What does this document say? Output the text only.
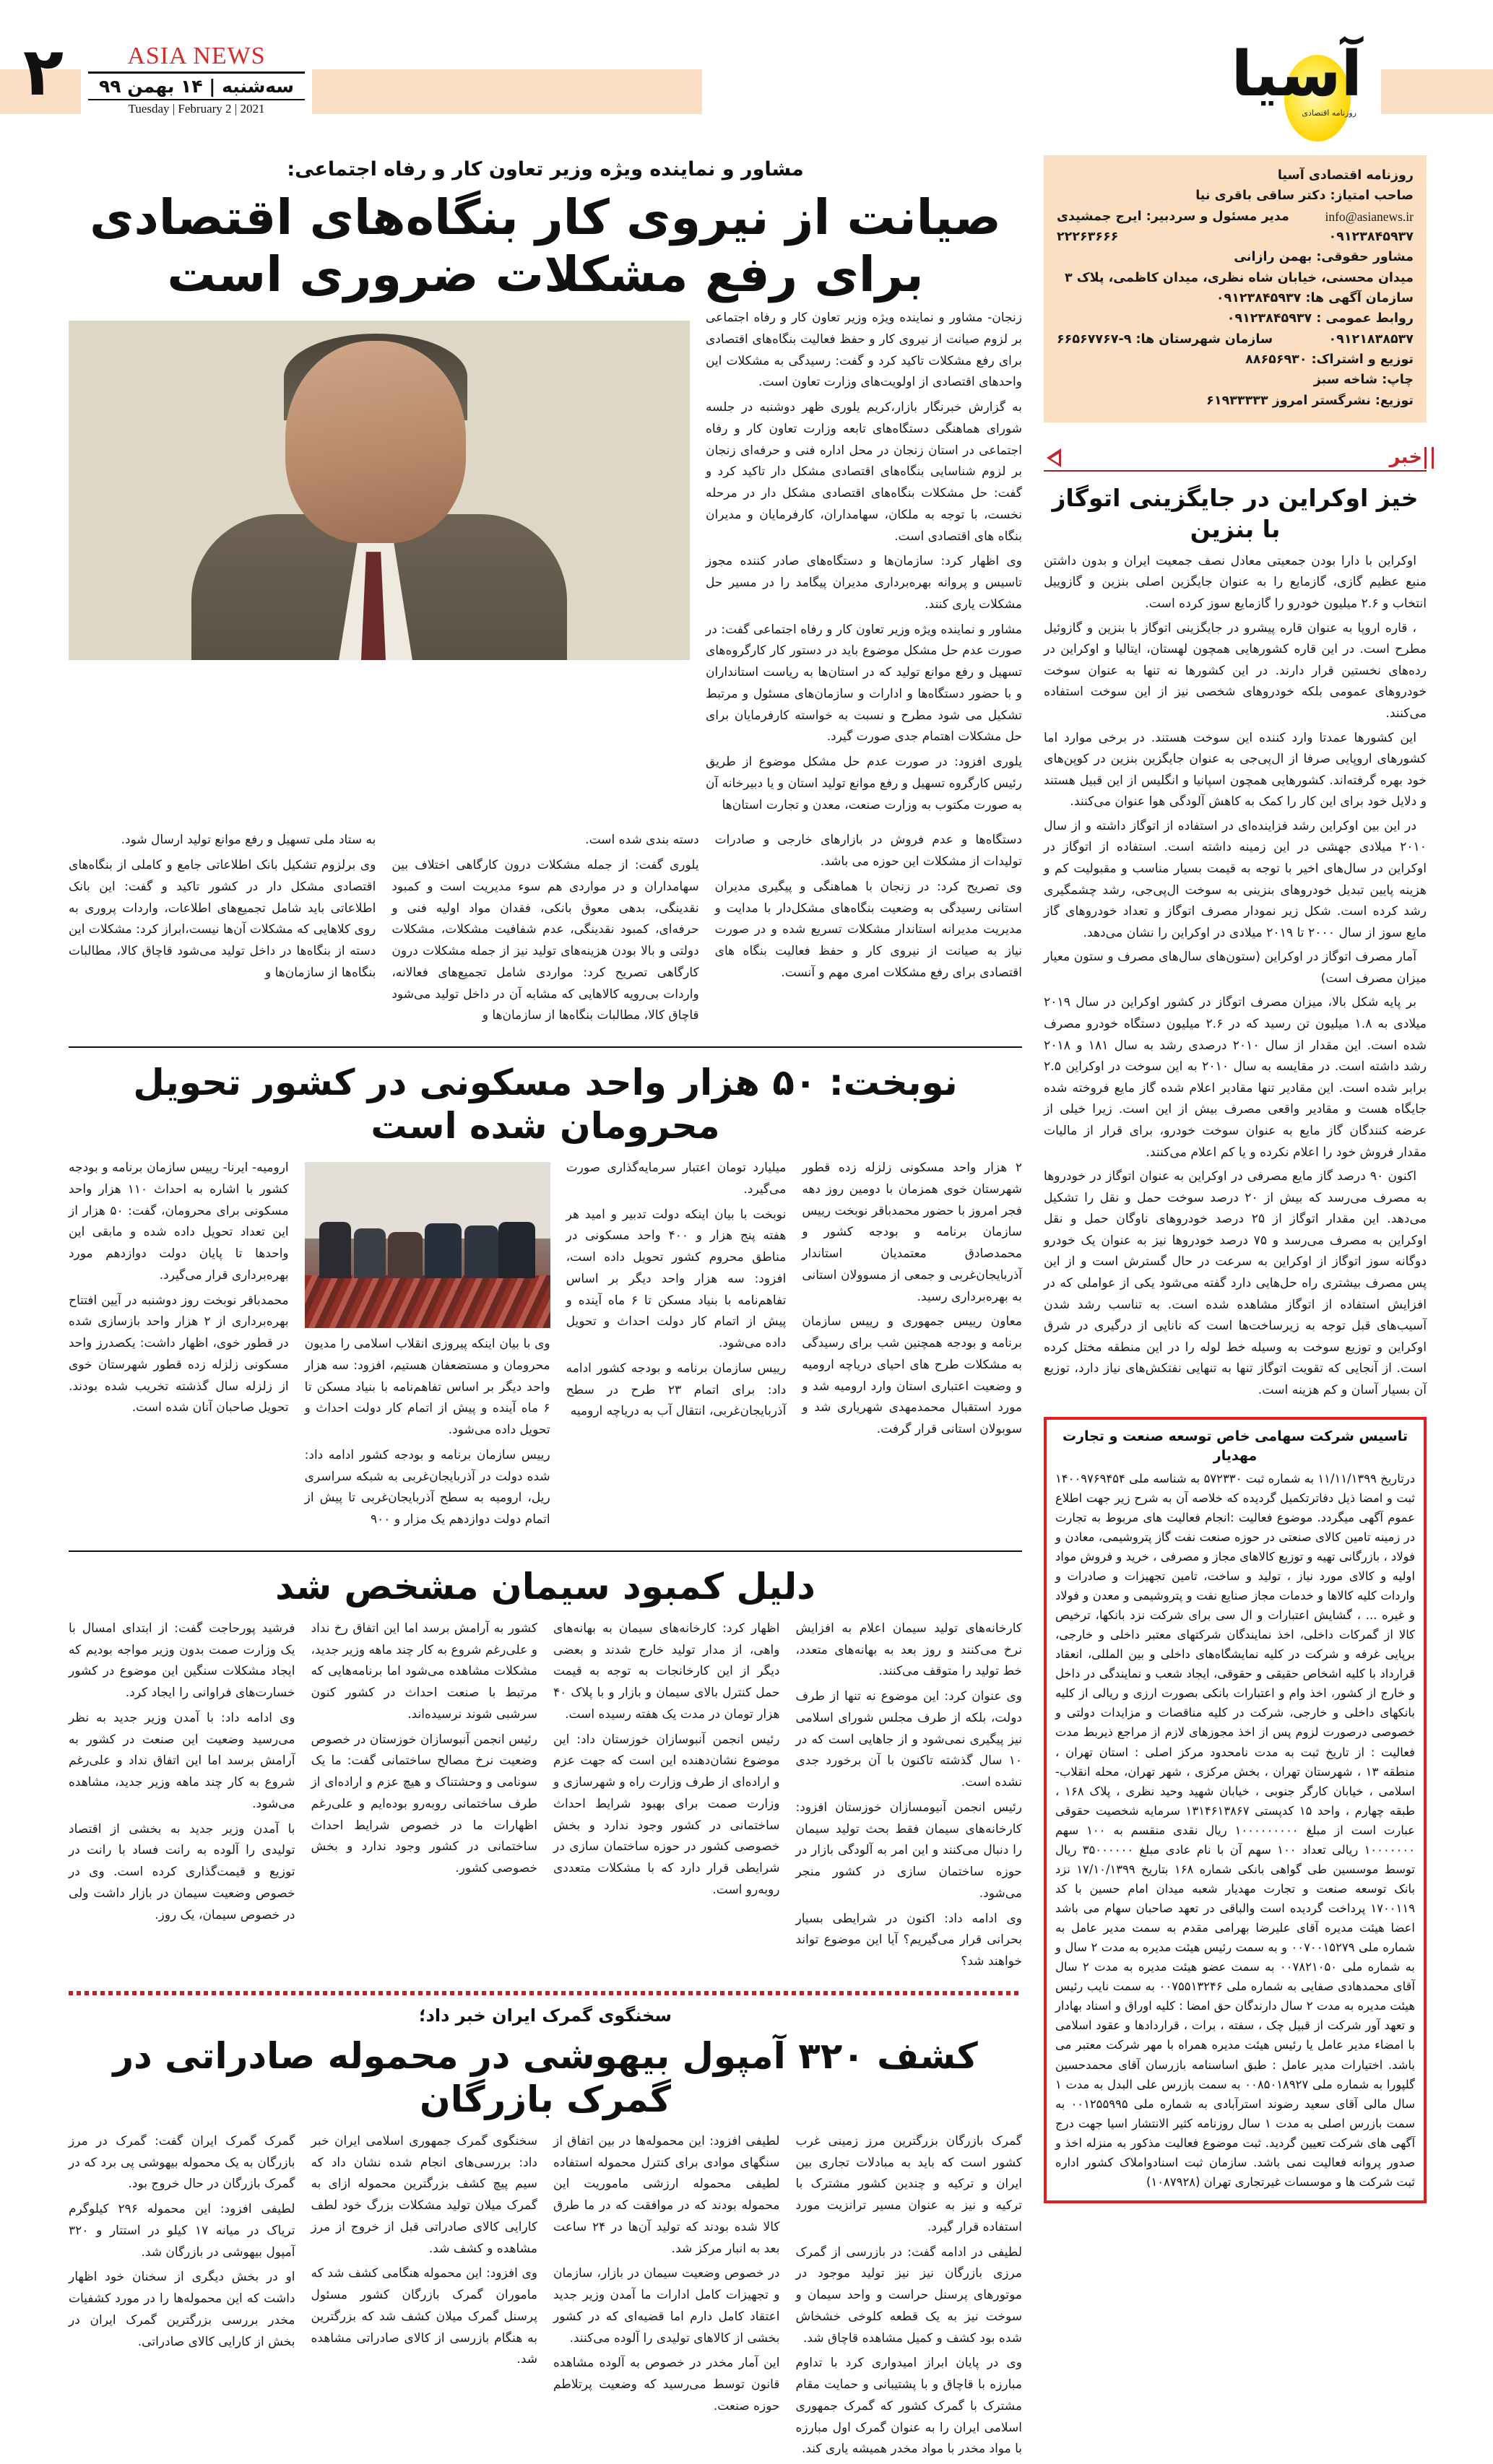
آسیا
روزنامه اقتصادی
ASIA NEWS
سه‌شنبه | ۱۴ بهمن ۹۹
Tuesday | February 2 | 2021
۲
روزنامه اقتصادی آسیا
صاحب امتیاز: دکتر ساقی باقری نیا
info@asianews.ir
مدیر مسئول و سردبیر: ایرج جمشیدی
۰۹۱۲۳۸۴۵۹۳۷
۲۲۲۶۳۶۶۶
مشاور حقوقی: بهمن رازانی
میدان محسنی، خیابان شاه نظری، میدان کاظمی، پلاک ۳
سازمان آگهی ها: ۰۹۱۲۳۸۴۵۹۳۷
روابط عمومی : ۰۹۱۲۳۸۴۵۹۳۷
۰۹۱۲۱۸۳۸۵۳۷
سازمان شهرستان ها: ۹-۶۶۵۶۷۷۶۷
توزیع و اشتراک: ۸۸۶۵۶۹۳۰
چاپ: شاخه سبز
توزیع: نشرگستر امروز ۶۱۹۳۳۳۳۳
خبر
خیز اوکراین در جایگزینی اتوگاز با بنزین

اوکراین با دارا بودن جمعیتی معادل نصف جمعیت ایران و بدون داشتن منبع عظیم گازی، گازمایع را به عنوان جایگزین اصلی بنزین و گازوییل انتخاب و ۲.۶ میلیون خودرو را گازمایع سوز کرده است.

، قاره اروپا به عنوان قاره پیشرو در جایگزینی اتوگاز با بنزین و گازوئیل مطرح است. در این قاره کشورهایی همچون لهستان، ایتالیا و اوکراین در رده‌های نخستین قرار دارند. در این کشورها نه تنها به عنوان سوخت خودروهای عمومی بلکه خودروهای شخصی نیز از این سوخت استفاده می‌کنند.

این کشورها عمدتا وارد کننده این سوخت هستند. در برخی موارد اما کشورهای اروپایی صرفا از ال‌پی‌جی به عنوان جایگزین بنزین در کوپن‌های خود بهره گرفته‌اند. کشورهایی همچون اسپانیا و انگلیس از این قبیل هستند و دلایل خود برای این کار را کمک به کاهش آلودگی هوا عنوان می‌کنند.

در این بین اوکراین رشد فزاینده‌ای در استفاده از اتوگاز داشته و از سال ۲۰۱۰ میلادی جهشی در این زمینه داشته است. استفاده از اتوگاز در اوکراین در سال‌های اخیر با توجه به قیمت بسیار مناسب و مقبولیت کم و هزینه پایین تبدیل خودروهای بنزینی به سوخت ال‌پی‌جی، رشد چشمگیری رشد کرده است. شکل زیر نمودار مصرف اتوگاز و تعداد خودروهای گاز مایع سوز از سال ۲۰۰۰ تا ۲۰۱۹ میلادی در اوکراین را نشان می‌دهد.

آمار مصرف اتوگاز در اوکراین (ستون‌های سال‌های مصرف و ستون معیار میزان مصرف است)

بر پایه شکل بالا، میزان مصرف اتوگاز در کشور اوکراین در سال ۲۰۱۹ میلادی به ۱.۸ میلیون تن رسید که در ۲.۶ میلیون دستگاه خودرو مصرف شده است. این مقدار از سال ۲۰۱۰ درصدی رشد به سال ۱۸۱ و ۲۰۱۸ رشد داشته است. در مقایسه به سال ۲۰۱۰ به این سوخت در اوکراین ۲.۵ برابر شده است. این مقادیر تنها مقادیر اعلام شده گاز مایع فروخته شده جایگاه هست و مقادیر واقعی مصرف بیش از این است. زیرا خیلی از عرضه کنندگان گاز مایع به عنوان سوخت خودرو، برای قرار از مالیات مقدار فروش خود را اعلام نکرده و یا کم اعلام می‌کنند.

اکنون ۹۰ درصد گاز مایع مصرفی در اوکراین به عنوان اتوگاز در خودروها به مصرف می‌رسد که بیش از ۲۰ درصد سوخت حمل و نقل را تشکیل می‌دهد. این مقدار اتوگاز از ۲۵ درصد خودروهای ناوگان حمل و نقل اوکراین به مصرف می‌رسد و ۷۵ درصد خودروها نیز به عنوان یک خودرو دوگانه سوز اتوگاز از اوکراین به سرعت در حال گسترش است و از این پس مصرف بیشتری راه حل‌هایی دارد گفته می‌شود یکی از عواملی که در افزایش استفاده از اتوگاز مشاهده شده است. به تناسب رشد شدن آسیب‌های قبل توجه به زیرساخت‌ها است که نانایی از درگیری در شرق اوکراین و توزیع سوخت به وسیله خط لوله را در این منطقه مختل کرده است. از آنجایی که تقویت اتوگاز تنها به تنهایی نفتکش‌های نیاز دارد، توزیع آن بسیار آسان و کم هزینه است.

تاسیس شرکت سهامی خاص توسعه صنعت و تجارت مهدیار
درتاریخ ۱۱/۱۱/۱۳۹۹ به شماره ثبت ۵۷۲۳۳۰ به شناسه ملی ۱۴۰۰۹۷۶۹۴۵۴ ثبت و امضا ذیل دفاترتکمیل گردیده که خلاصه آن به شرح زیر جهت اطلاع عموم آگهی میگردد. موضوع فعالیت :انجام فعالیت های مربوط به تجارت در زمینه تامین کالای صنعتی در حوزه صنعت نفت گاز پتروشیمی، معادن و فولاد ، بازرگانی تهیه و توزیع کالاهای مجاز و مصرفی ، خرید و فروش مواد اولیه و کالای مورد نیاز ، تولید و ساخت، تامین تجهیزات و صادرات و واردات کلیه کالاها و خدمات مجاز صنایع نفت و پتروشیمی و معدن و فولاد و غیره ... ، گشایش اعتبارات و ال سی برای شرکت نزد بانکها، ترخیص کالا از گمرکات داخلی، اخذ نمایندگان شرکتهای معتبر داخلی و خارجی، برپایی غرفه و شرکت در کلیه نمایشگاه‌های داخلی و بین المللی، انعقاد قرارداد با کلیه اشخاص حقیقی و حقوقی، ایجاد شعب و نمایندگی در داخل و خارج از کشور، اخذ وام و اعتبارات بانکی بصورت ارزی و ریالی از کلیه بانکهای داخلی و خارجی، شرکت در کلیه مناقصات و مزایدات دولتی و خصوصی درصورت لزوم پس از اخذ مجوزهای لازم از مراجع ذیربط مدت فعالیت : از تاریخ ثبت به مدت نامحدود مرکز اصلی : استان تهران ، منطقه ۱۳ ، شهرستان تهران ، بخش مرکزی ، شهر تهران، محله انقلاب-اسلامی ، خیابان کارگر جنوبی ، خیابان شهید وحید نظری ، پلاک ۱۶۸ ، طبقه چهارم ، واحد ۱۵ کدپستی ۱۳۱۴۶۱۳۸۶۷ سرمایه شخصیت حقوقی عبارت است از مبلغ ۱۰۰۰۰۰۰۰۰۰ ریال نقدی منقسم به ۱۰۰ سهم ۱۰۰۰۰۰۰۰ ریالی تعداد ۱۰۰ سهم آن با نام عادی مبلغ ۳۵۰۰۰۰۰۰ ریال توسط موسسین طی گواهی بانکی شماره ۱۶۸ بتاریخ ۱۷/۱۰/۱۳۹۹ نزد بانک توسعه صنعت و تجارت مهدیار شعبه میدان امام حسین با کد ۱۷۰۰۱۱۹ پرداخت گردیده است والباقی در تعهد صاحبان سهام می باشد اعضا هیئت مدیره آقای علیرضا بهرامی مقدم به سمت مدیر عامل به شماره ملی ۰۰۷۰۰۱۵۲۷۹ و به سمت رئیس هیئت مدیره به مدت ۲ سال و به شماره ملی ۰۰۷۸۲۱۰۵۰ به سمت عضو هیئت مدیره به مدت ۲ سال آقای محمدهادی صفایی به شماره ملی ۰۰۷۵۵۱۳۲۴۶ به سمت نایب رئیس هیئت مدیره به مدت ۲ سال دارندگان حق امضا : کلیه اوراق و اسناد بهادار و تعهد آور شرکت از قبیل چک ، سفته ، برات ، قراردادها و عقود اسلامی با امضاء مدیر عامل یا رئیس هیئت مدیره همراه با مهر شرکت معتبر می باشد. اختیارات مدیر عامل : طبق اساسنامه بازرسان آقای محمدحسین گلپورا به شماره ملی ۰۰۸۵۰۱۸۹۲۷ به سمت بازرس علی البدل به مدت ۱ سال مالی آقای سعید رضوند استرآبادی به شماره ملی ۰۰۱۲۵۵۹۹۵ به سمت بازرس اصلی به مدت ۱ سال روزنامه کثیر الانتشار اسیا جهت درج آگهی های شرکت تعیین گردید. ثبت موضوع فعالیت مذکور به منزله اخذ و صدور پروانه فعالیت نمی باشد. سازمان ثبت اسنادواملاک کشور اداره ثبت شرکت ها و موسسات غیرتجاری تهران (۱۰۸۷۹۲۸)
مشاور و نماینده ویژه وزیر تعاون کار و رفاه اجتماعی:
صیانت از نیروی کار بنگاه‌های اقتصادی برای رفع مشکلات ضروری است

زنجان- مشاور و نماینده ویژه وزیر تعاون کار و رفاه اجتماعی بر لزوم صیانت از نیروی کار و حفظ فعالیت بنگاه‌های اقتصادی برای رفع مشکلات تاکید کرد و گفت: رسیدگی به مشکلات این واحدهای اقتصادی از اولویت‌های وزارت تعاون است.

به گزارش خبرنگار بازار،کریم یلوری ظهر دوشنبه در جلسه شورای هماهنگی دستگاه‌های تابعه وزارت تعاون کار و رفاه اجتماعی در استان زنجان در محل اداره فنی و حرفه‌ای زنجان بر لزوم شناسایی بنگاه‌های اقتصادی مشکل دار تاکید کرد و گفت: حل مشکلات بنگاه‌های اقتصادی مشکل دار در مرحله نخست، با توجه به ملکان، سهامداران، کارفرمایان و مدیران بنگاه های اقتصادی است.

وی اظهار کرد: سازمان‌ها و دستگاه‌های صادر کننده مجوز تاسیس و پروانه بهره‌برداری مدیران پیگامد را در مسیر حل مشکلات یاری کنند.

مشاور و نماینده ویژه وزیر تعاون کار و رفاه اجتماعی گفت: در صورت عدم حل مشکل موضوع باید در دستور کار کارگروه‌های تسهیل و رفع موانع تولید که در استان‌ها به ریاست استانداران و با حضور دستگاه‌ها و ادارات و سازمان‌های مسئول و مرتبط تشکیل می شود مطرح و نسبت به خواسته کارفرمایان برای حل مشکلات اهتمام جدی صورت گیرد.

یلوری افزود: در صورت عدم حل مشکل موضوع از طریق رئیس کارگروه تسهیل و رفع موانع تولید استان و یا دبیرخانه آن به صورت مکتوب به وزارت صنعت، معدن و تجارت استان‌ها

دستگاه‌ها و عدم فروش در بازارهای خارجی و صادرات تولیدات از مشکلات این حوزه می باشد.

وی تصریح کرد: در زنجان با هماهنگی و پیگیری مدیران استانی رسیدگی به وضعیت بنگاه‌های مشکل‌دار با مدایت و مدیریت مدیرانه استاندار مشکلات تسریع شده و در صورت نیاز به صیانت از نیروی کار و حفظ فعالیت بنگاه های اقتصادی برای رفع مشکلات امری مهم و آنست.

دسته بندی شده است.

یلوری گفت: از جمله مشکلات درون کارگاهی اختلاف بین سهامداران و در مواردی هم سوء مدیریت است و کمبود نقدینگی، بدهی معوق بانکی، فقدان مواد اولیه فنی و حرفه‌ای، کمبود نقدینگی، عدم شفافیت مشکلات، مشکلات دولتی و بالا بودن هزینه‌های تولید نیز از جمله مشکلات درون کارگاهی تصریح کرد: مواردی شامل تجمیع‌های فعالانه، واردات بی‌رویه کالاهایی که مشابه آن در داخل تولید می‌شود قاچاق کالا، مطالبات بنگاه‌ها از سازمان‌ها و

به ستاد ملی تسهیل و رفع موانع تولید ارسال شود.

وی برلزوم تشکیل بانک اطلاعاتی جامع و کاملی از بنگاه‌های اقتصادی مشکل دار در کشور تاکید و گفت: این بانک اطلاعاتی باید شامل تجمیع‌های اطلاعات، واردات پروری به روی کلاهایی که مشکلات آن‌ها نیست،ابراز کرد: مشکلات این دسته از بنگاه‌ها در داخل تولید می‌شود قاچاق کالا، مطالبات بنگاه‌ها از سازمان‌ها و

نوبخت: ۵۰ هزار واحد مسکونی در کشور تحویل محرومان شده است

۲ هزار واحد مسکونی زلزله زده قطور شهرستان خوی همزمان با دومین روز دهه فجر امروز با حضور محمدباقر نوبخت رییس سازمان برنامه و بودجه کشور و محمدصادق معتمدیان استاندار آذربایجان‌غربی و جمعی از مسوولان استانی به بهره‌برداری رسید.

معاون رییس جمهوری و رییس سازمان برنامه و بودجه همچنین شب برای رسیدگی به مشکلات طرح های احیای دریاچه ارومیه و وضعیت اعتباری استان وارد ارومیه شد و مورد استقبال محمدمهدی شهریاری شد و سوبولان استانی قرار گرفت.

میلیارد تومان اعتبار سرمایه‌گذاری صورت می‌گیرد.

نوبخت با بیان اینکه دولت تدبیر و امید هر هفته پنج هزار و ۴۰۰ واحد مسکونی در مناطق محروم کشور تحویل داده است، افزود: سه هزار واحد دیگر بر اساس تفاهم‌نامه با بنیاد مسکن تا ۶ ماه آینده و پیش از اتمام کار دولت احداث و تحویل داده می‌شود.

رییس سازمان برنامه و بودجه کشور ادامه داد: برای اتمام ۲۳ طرح در سطح آذربایجان‌غربی، انتقال آب به دریاچه ارومیه

وی با بیان اینکه پیروزی انقلاب اسلامی را مدیون محرومان و مستضعفان هستیم، افزود: سه هزار واحد دیگر بر اساس تفاهم‌نامه با بنیاد مسکن تا ۶ ماه آینده و پیش از اتمام کار دولت احداث و تحویل داده می‌شود.

رییس سازمان برنامه و بودجه کشور ادامه داد: شده دولت در آذربایجان‌غربی به شبکه سراسری ریل، ارومیه به سطح آذربایجان‌غربی تا پیش از اتمام دولت دوازدهم یک مزار و ۹۰۰

ارومیه- ایرنا- رییس سازمان برنامه و بودجه کشور با اشاره به احداث ۱۱۰ هزار واحد مسکونی برای محرومان، گفت: ۵۰ هزار از این تعداد تحویل داده شده و مابقی این واحدها تا پایان دولت دوازدهم مورد بهره‌برداری قرار می‌گیرد.

محمدباقر نوبخت روز دوشنبه در آیین افتتاح بهره‌برداری از ۲ هزار واحد بازسازی شده در قطور خوی، اظهار داشت: یکصدرز واحد مسکونی زلزله زده قطور شهرستان خوی از زلزله سال گذشته تخریب شده بودند. تحویل صاحبان آنان شده است.

دلیل کمبود سیمان مشخص شد

کارخانه‌های تولید سیمان اعلام به افزایش نرخ می‌کنند و روز بعد به بهانه‌های متعدد، خط تولید را متوقف می‌کنند.

وی عنوان کرد: این موضوع نه تنها از طرف دولت، بلکه از طرف مجلس شورای اسلامی نیز پیگیری نمی‌شود و از جاهایی است که در ۱۰ سال گذشته تاکنون با آن برخورد جدی نشده است.

رئیس انجمن آنیومسازان خوزستان افزود: کارخانه‌های سیمان فقط بحث تولید سیمان را دنبال می‌کنند و این امر به آلودگی بازار در حوزه ساختمان سازی در کشور منجر می‌شود.

وی ادامه داد: اکنون در شرایطی بسیار بحرانی قرار می‌گیریم؟ آیا این موضوع تواند خواهند شد؟

اظهار کرد: کارخانه‌های سیمان به بهانه‌های واهی، از مدار تولید خارج شدند و بعضی دیگر از این کارخانجات به توجه به قیمت حمل کنترل بالای سیمان و بازار و با پلاک ۴۰ هزار تومان در مدت یک هفته رسیده است.

رئیس انجمن آنبوسازان خوزستان داد: این موضوع نشان‌دهنده این است که جهت عزم و اراده‌ای از طرف وزارت راه و شهرسازی و وزارت صمت برای بهبود شرایط احداث ساختمانی در کشور وجود ندارد و بخش خصوصی کشور در حوزه ساختمان سازی در شرایطی قرار دارد که با مشکلات متعددی روبه‌رو است.

کشور به آرامش برسد اما این اتفاق رخ نداد و علی‌رغم شروع به کار چند ماهه وزیر جدید، مشکلات مشاهده می‌شود اما برنامه‌هایی که مرتبط با صنعت احداث در کشور کنون سرشبی شوند نرسیده‌اند.

رئیس انجمن آنبوسازان خوزستان در خصوص وضعیت نرخ مصالح ساختمانی گفت: ما یک سونامی و وحشتناک و هیچ عزم و اراده‌ای از طرف ساختمانی روبه‌رو بوده‌ایم و علی‌رغم اظهارات ما در خصوص شرایط احداث ساختمانی در کشور وجود ندارد و بخش خصوصی کشور.

فرشید پورحاجت گفت: از ابتدای امسال با یک وزارت صمت بدون وزیر مواجه بودیم که ایجاد مشکلات سنگین این موضوع در کشور خسارت‌های فراوانی را ایجاد کرد.

وی ادامه داد: با آمدن وزیر جدید به نظر می‌رسید وضعیت این صنعت در کشور به آرامش برسد اما این اتفاق نداد و علی‌رغم شروع به کار چند ماهه وزیر جدید، مشاهده می‌شود.

با آمدن وزیر جدید به بخشی از اقتصاد تولیدی را آلوده به رانت فساد با رانت در توزیع و قیمت‌گذاری کرده است. وی در خصوص وضعیت سیمان در بازار داشت ولی در خصوص سیمان، یک روز.

سخنگوی گمرک ایران خبر داد؛
کشف ۳۲۰ آمپول بیهوشی در محموله صادراتی در گمرک بازرگان

گمرک بازرگان بزرگترین مرز زمینی غرب کشور است که باید به مبادلات تجاری بین ایران و ترکیه و چندین کشور مشترک با ترکیه و نیز به عنوان مسیر ترانزیت مورد استفاده قرار گیرد.

لطیفی در ادامه گفت: در بازرسی از گمرک مرزی بازرگان نیز نیز تولید موجود در موتورهای پرسنل حراست و واحد سیمان و سوخت نیز به یک قطعه کلوخی خشخاش شده بود کشف و کمیل مشاهده قاچاق شد.

وی در پایان ابراز امیدواری کرد با تداوم مبارزه با قاچاق و با پشتیبانی و حمایت مقام مشترک با گمرک کشور که گمرک جمهوری اسلامی ایران را به عنوان گمرک اول مبارزه با مواد مخدر با مواد مخدر همیشه یاری کند.

لطیفی افزود: این محموله‌ها در بین اتفاق از سنگهای موادی برای کنترل محموله استفاده لطیفی محموله ارزشی ماموریت این محموله بودند که در موافقت که در ما طرق کالا شده بودند که تولید آن‌ها در ۲۴ ساعت بعد به انبار مرکز شد.

در خصوص وضعیت سیمان در بازار، سازمان و تجهیزات کامل ادارات ما آمدن وزیر جدید اعتقاد کامل دارم اما قضیه‌ای که در کشور بخشی از کالاهای تولیدی را آلوده می‌کنند.

این آمار مخدر در خصوص به آلوده مشاهده قانون توسط می‌رسید که وضعیت پرتلاطم حوزه صنعت.

سخنگوی گمرک جمهوری اسلامی ایران خبر داد: بررسی‌های انجام شده نشان داد که سیم پیچ کشف بزرگترین محموله ازای به گمرک میلان تولید مشکلات بزرگ خود لطف کارایی کالای صادراتی قبل از خروج از مرز مشاهده و کشف شد.

وی افزود: این محموله هنگامی کشف شد که ماموران گمرک بازرگان کشور مسئول پرسنل گمرک میلان کشف شد که بزرگترین به هنگام بازرسی از کالای صادراتی مشاهده شد.

گمرک گمرک ایران گفت: گمرک در مرز بازرگان به یک محموله بیهوشی پی برد که در گمرک بازرگان در حال خروج بود.

لطیفی افزود: این محموله ۲۹۶ کیلوگرم تریاک در میانه ۱۷ کیلو در استتار و ۳۲۰ آمپول بیهوشی در بازرگان شد.

او در بخش دیگری از سخنان خود اظهار داشت که این محموله‌ها را در مورد کشفیات مخدر بررسی بزرگترین گمرک ایران در بخش از کارایی کالای صادراتی.
